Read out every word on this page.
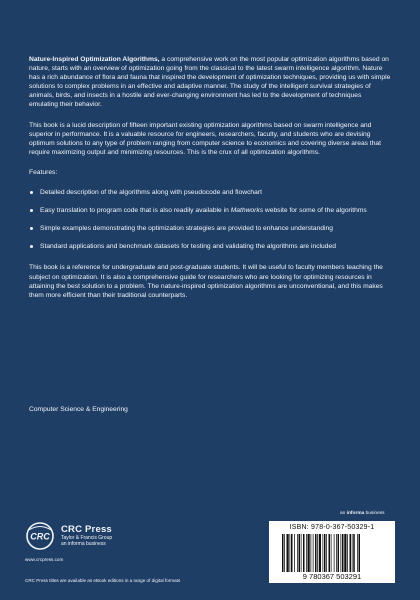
Nature-Inspired Optimization Algorithms, a comprehensive work on the most popular optimization algorithms based on nature, starts with an overview of optimization going from the classical to the latest swarm intelligence algorithm. Nature has a rich abundance of flora and fauna that inspired the development of optimization techniques, providing us with simple solutions to complex problems in an effective and adaptive manner. The study of the intelligent survival strategies of animals, birds, and insects in a hostile and ever-changing environment has led to the development of techniques emulating their behavior.

This book is a lucid description of fifteen important existing optimization algorithms based on swarm intelligence and superior in performance. It is a valuable resource for engineers, researchers, faculty, and students who are devising optimum solutions to any type of problem ranging from computer science to economics and covering diverse areas that require maximizing output and minimizing resources. This is the crux of all optimization algorithms.

Features:

Detailed description of the algorithms along with pseudocode and flowchart
Easy translation to program code that is also readily available in Mathworks website for some of the algorithms
Simple examples demonstrating the optimization strategies are provided to enhance understanding
Standard applications and benchmark datasets for testing and validating the algorithms are included

This book is a reference for undergraduate and post-graduate students. It will be useful to faculty members teaching the subject on optimization. It is also a comprehensive guide for researchers who are looking for optimizing resources in attaining the best solution to a problem. The nature-inspired optimization algorithms are unconventional, and this makes them more efficient than their traditional counterparts.

Computer Science & Engineering
an informa business
CRC
CRC Press
Taylor & Francis Group
an informa business
www.crcpress.com
CRC Press titles are available as eBook editions in a range of digital formats
ISBN: 978-0-367-50329-1
9 780367 503291
